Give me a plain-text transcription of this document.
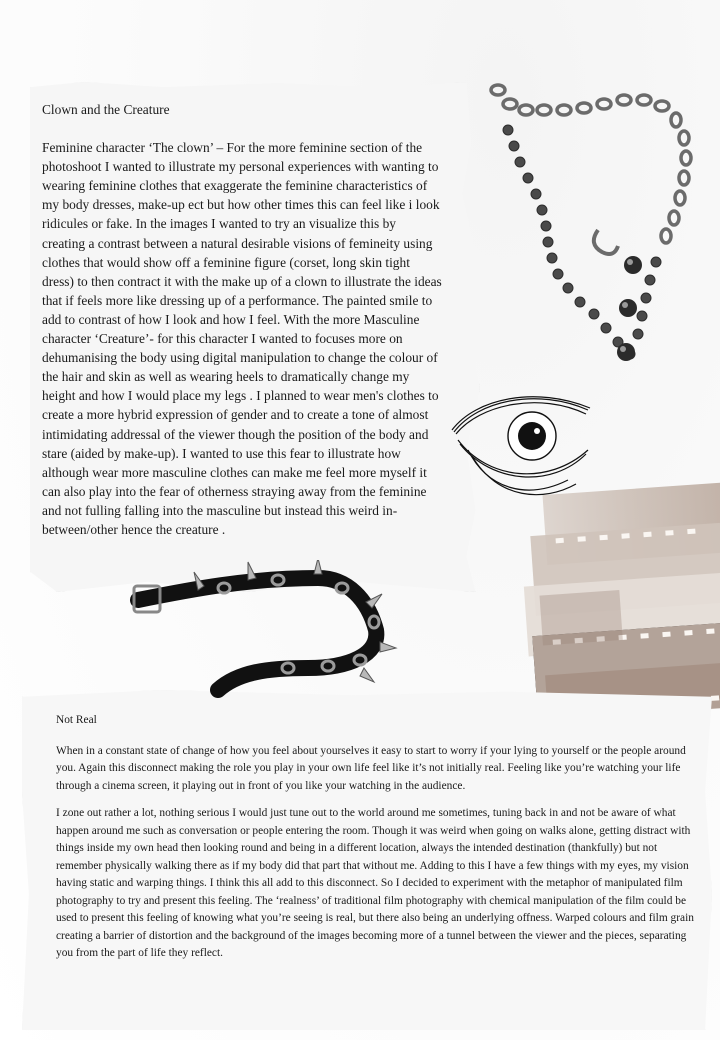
Clown and the Creature

Feminine character ‘The clown’ – For the more feminine section of the photoshoot I wanted to illustrate my personal experiences with wanting to wearing feminine clothes that exaggerate the feminine characteristics of my body dresses, make-up ect but how other times this can feel like i look ridicules or fake. In the images I wanted to try an visualize this by creating a contrast between a natural desirable visions of femineity using clothes that would show off a feminine figure (corset, long skin tight dress) to then contract it with the make up of a clown to illustrate the ideas that if feels more like dressing up of a performance. The painted smile to add to contrast of how I look and how I feel. With the more Masculine character ‘Creature’- for this character I wanted to focuses more on dehumanising the body using digital manipulation to change the colour of the hair and skin as well as wearing heels to dramatically change my height and how I would place my legs . I planned to wear men's clothes to create a more hybrid expression of gender and to create a tone of almost intimidating addressal of the viewer though the position of the body and stare (aided by make-up). I wanted to use this fear to illustrate how although wear more masculine clothes can make me feel more myself it can also play into the fear of otherness straying away from the feminine and not fulling falling into the masculine but instead this weird in-between/other hence the creature .

Not Real

When in a constant state of change of how you feel about yourselves it easy to start to worry if your lying to yourself or the people around you. Again this disconnect making the role you play in your own life feel like it’s not initially real. Feeling like you’re watching your life through a cinema screen, it playing out in front of you like your watching in the audience.

I zone out rather a lot, nothing serious I would just tune out to the world around me sometimes, tuning back in and not be aware of what happen around me such as conversation or people entering the room. Though it was weird when going on walks alone, getting distract with things inside my own head then looking round and being in a different location, always the intended destination (thankfully) but not remember physically walking there as if my body did that part that without me. Adding to this I have a few things with my eyes, my vision having static and warping things. I think this all add to this disconnect. So I decided to experiment with the metaphor of manipulated film photography to try and present this feeling. The ‘realness’ of traditional film photography with chemical manipulation of the film could be used to present this feeling of knowing what you’re seeing is real, but there also being an underlying offness. Warped colours and film grain creating a barrier of distortion and the background of the images becoming more of a tunnel between the viewer and the pieces, separating you from the part of life they reflect.
